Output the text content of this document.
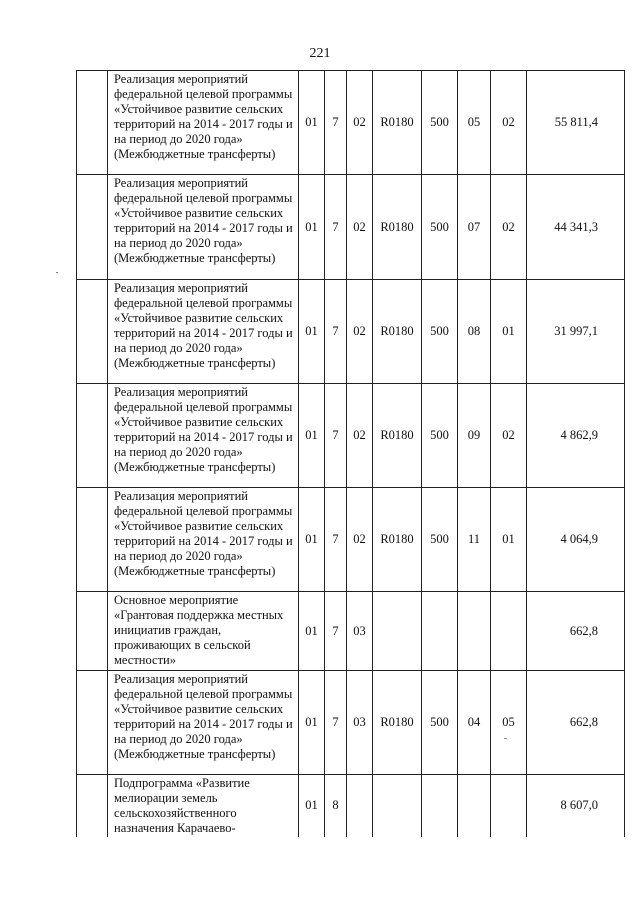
221
	Реализация мероприятий федеральной целевой программы «Устойчивое развитие сельских территорий на 2014 - 2017 годы и на период до 2020 года» (Межбюджетные трансферты)	01	7	02	R0180	500	05	02	55 811,4
	Реализация мероприятий федеральной целевой программы «Устойчивое развитие сельских территорий на 2014 - 2017 годы и на период до 2020 года» (Межбюджетные трансферты)	01	7	02	R0180	500	07	02	44 341,3
	Реализация мероприятий федеральной целевой программы «Устойчивое развитие сельских территорий на 2014 - 2017 годы и на период до 2020 года» (Межбюджетные трансферты)	01	7	02	R0180	500	08	01	31 997,1
	Реализация мероприятий федеральной целевой программы «Устойчивое развитие сельских территорий на 2014 - 2017 годы и на период до 2020 года» (Межбюджетные трансферты)	01	7	02	R0180	500	09	02	4 862,9
	Реализация мероприятий федеральной целевой программы «Устойчивое развитие сельских территорий на 2014 - 2017 годы и на период до 2020 года» (Межбюджетные трансферты)	01	7	02	R0180	500	11	01	4 064,9
	Основное мероприятие «Грантовая поддержка местных инициатив граждан, проживающих в сельской местности»	01	7	03					662,8
	Реализация мероприятий федеральной целевой программы «Устойчивое развитие сельских территорий на 2014 - 2017 годы и на период до 2020 года» (Межбюджетные трансферты)	01	7	03	R0180	500	04	05	662,8
	Подпрограмма «Развитие мелиорации земель сельскохозяйственного назначения Карачаево-	01	8						8 607,0
